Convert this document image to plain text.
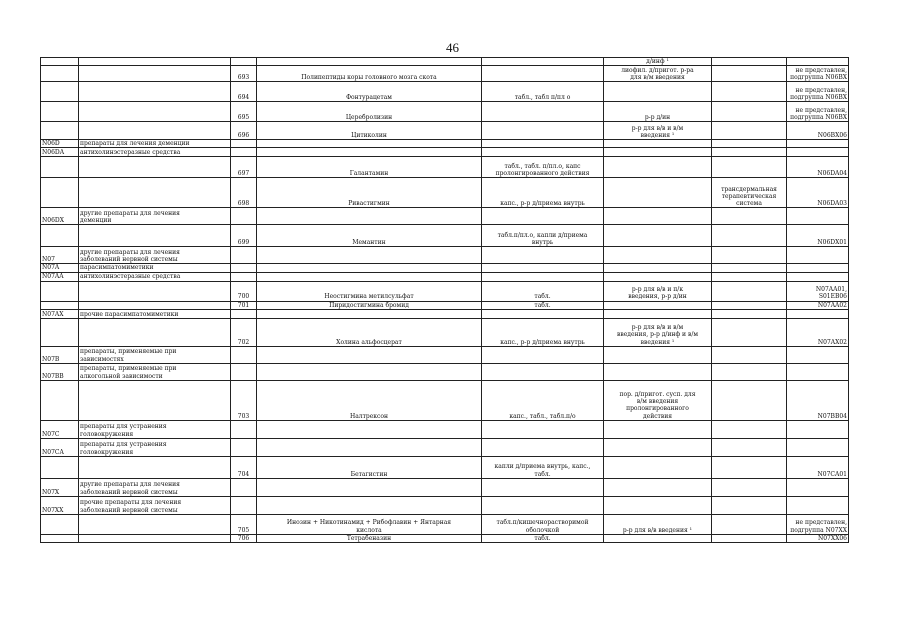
46

					д/инф ¹		

		693	Полипептиды коры головного мозга скота		лиофил. д/пригот. р-ра
для в/м введения		не представлен,
подгруппа N06BX

		694	Фонтурацетам	табл., табл п/пл о			не представлен,
подгруппа N06BX

		695	Церебролизин		р-р д/ин		не представлен,
подгруппа N06BX

		696	Цитиколин		р-р для в/в и в/м
введения ¹		N06BX06

N06D	препараты для лечения деменции						

N06DA	антихолинэстеразные средства						

		697	Галантамин	табл., табл. п/пл.о, капс
пролонгированного действия			N06DA04

		698	Ривастигмин	капс., р-р д/приема внутрь		трансдермальная
терапевтическая
система	N06DA03

N06DX	другие препараты для лечения
деменции						

		699	Мемантин	табл.п/пл.о, капли д/приема
внутрь			N06DX01

N07	другие препараты для лечения
заболеваний нервной системы						

N07A	парасимпатомиметики						

N07AA	антихолинэстеразные средства						

		700	Неостигмина метилсульфат	табл.	р-р для в/в и п/к
введения, р-р д/ин		N07AA01, S01EB06

		701	Пиридостигмина бромид	табл.			N07AA02

N07AX	прочие парасимпатомиметики						

		702	Холина альфосцерат	капс., р-р д/приема внутрь	р-р для в/в и в/м
введения, р-р д/инф и в/м
введения ¹		N07AX02

N07B	препараты, применяемые при
зависимостях						

N07BB	препараты, применяемые при
алкогольной зависимости						

		703	Налтрексон	капс., табл., табл.п/о	пор. д/пригот. сусп. для
в/м введения
пролонгированного
действия		N07BB04

N07C	препараты для устранения
головокружения						

N07CA	препараты для устранения
головокружения						

		704	Бетагистин	капли д/приема внутрь, капс.,
табл.			N07CA01

N07X	другие препараты для лечения
заболеваний нервной системы						

N07XX	прочие препараты для лечения
заболеваний нервной системы						

		705	Инозин + Никотинамид + Рибофлавин + Янтарная
кислота	табл.п/кишечнорастворимой
оболочкой	р-р для в/в введения ¹		не представлен,
подгруппа N07XX

		706	Тетрабеназин	табл.			N07XX06
